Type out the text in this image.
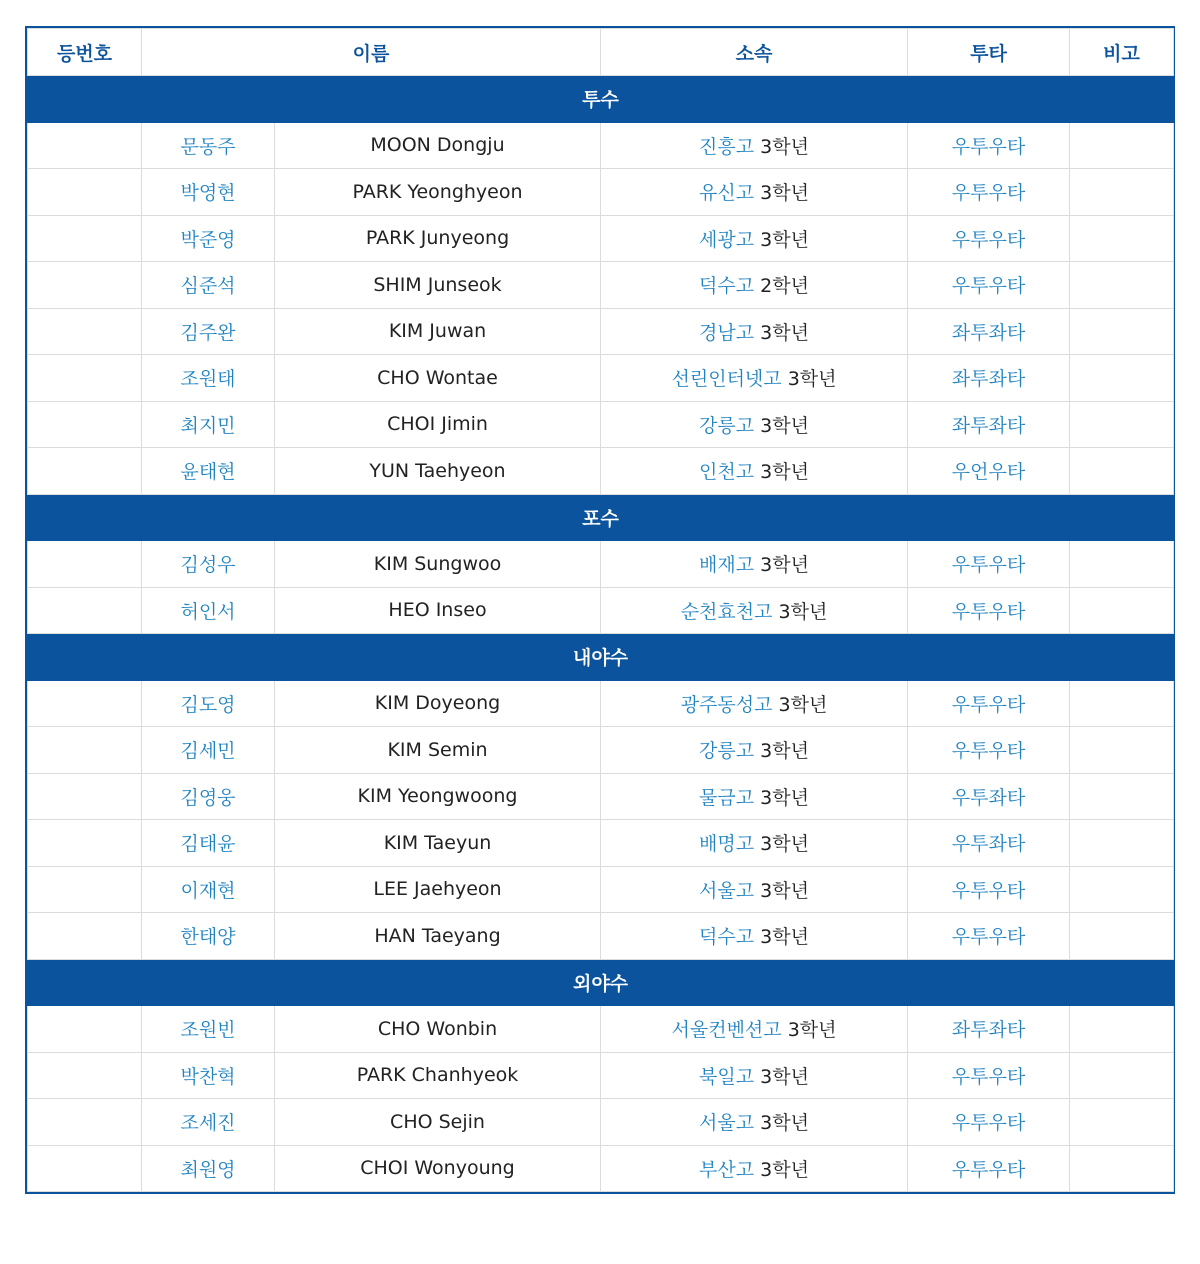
등번호	이름		소속	투타	비고
투수					
	문동주	MOON Dongju	진흥고 3학년	우투우타	
	박영현	PARK Yeonghyeon	유신고 3학년	우투우타	
	박준영	PARK Junyeong	세광고 3학년	우투우타	
	심준석	SHIM Junseok	덕수고 2학년	우투우타	
	김주완	KIM Juwan	경남고 3학년	좌투좌타	
	조원태	CHO Wontae	선린인터넷고 3학년	좌투좌타	
	최지민	CHOI Jimin	강릉고 3학년	좌투좌타	
	윤태현	YUN Taehyeon	인천고 3학년	우언우타	
포수					
	김성우	KIM Sungwoo	배재고 3학년	우투우타	
	허인서	HEO Inseo	순천효천고 3학년	우투우타	
내야수					
	김도영	KIM Doyeong	광주동성고 3학년	우투우타	
	김세민	KIM Semin	강릉고 3학년	우투우타	
	김영웅	KIM Yeongwoong	물금고 3학년	우투좌타	
	김태윤	KIM Taeyun	배명고 3학년	우투좌타	
	이재현	LEE Jaehyeon	서울고 3학년	우투우타	
	한태양	HAN Taeyang	덕수고 3학년	우투우타	
외야수					
	조원빈	CHO Wonbin	서울컨벤션고 3학년	좌투좌타	
	박찬혁	PARK Chanhyeok	북일고 3학년	우투우타	
	조세진	CHO Sejin	서울고 3학년	우투우타	
	최원영	CHOI Wonyoung	부산고 3학년	우투우타	
